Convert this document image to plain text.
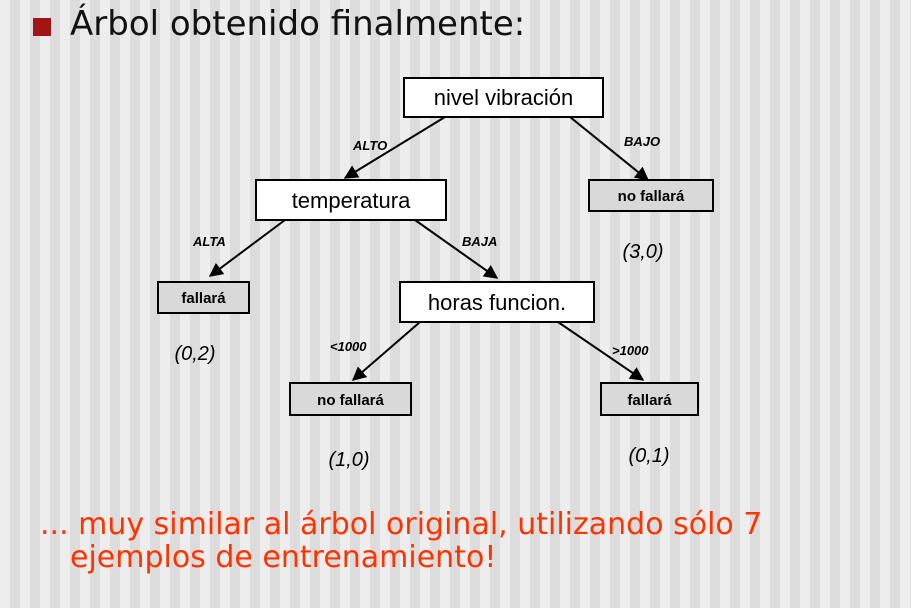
Árbol obtenido finalmente:
ALTO	BAJO
ALTA	BAJA
<1000	>1000
nivel vibración
temperatura
horas funcion.
no fallará
(3,0)
fallará
(0,2)
no fallará
(1,0)
fallará
(0,1)
... muy similar al árbol original, utilizando sólo 7
ejemplos de entrenamiento!
